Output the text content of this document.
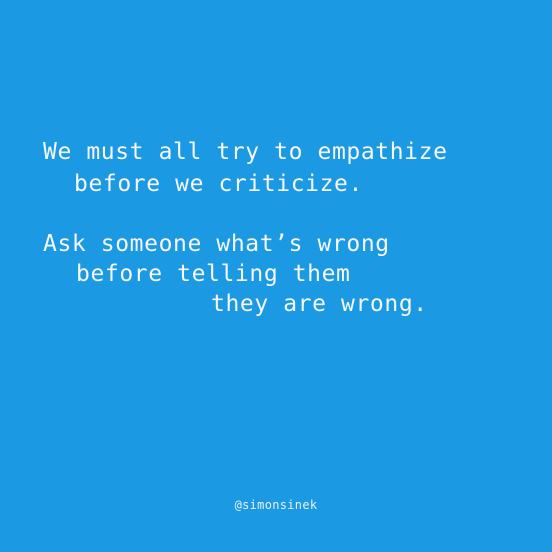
We must all try to empathize

before we criticize.

Ask someone what’s wrong

before telling them

they are wrong.

@simonsinek
